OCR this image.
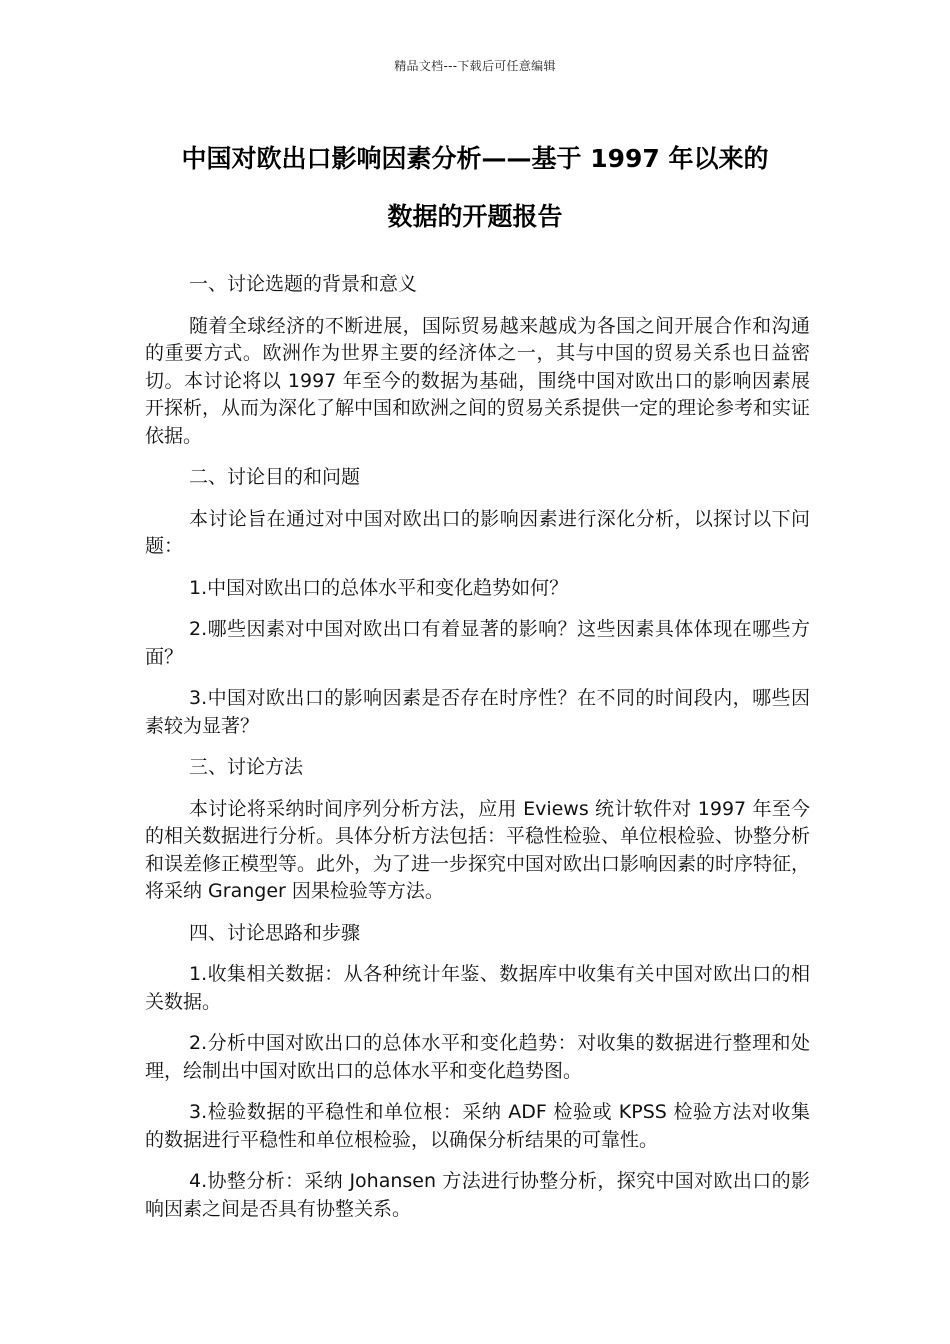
精品文档---下载后可任意编辑
中国对欧出口影响因素分析——基于 1997 年以来的
数据的开题报告
一、讨论选题的背景和意义
随着全球经济的不断进展，国际贸易越来越成为各国之间开展合作和沟通的重要方式。欧洲作为世界主要的经济体之一，其与中国的贸易关系也日益密切。本讨论将以 1997 年至今的数据为基础，围绕中国对欧出口的影响因素展开探析，从而为深化了解中国和欧洲之间的贸易关系提供一定的理论参考和实证依据。
二、讨论目的和问题
本讨论旨在通过对中国对欧出口的影响因素进行深化分析，以探讨以下问题：
1.中国对欧出口的总体水平和变化趋势如何？
2.哪些因素对中国对欧出口有着显著的影响？这些因素具体体现在哪些方面？
3.中国对欧出口的影响因素是否存在时序性？在不同的时间段内，哪些因素较为显著？
三、讨论方法
本讨论将采纳时间序列分析方法，应用 Eviews 统计软件对 1997 年至今的相关数据进行分析。具体分析方法包括：平稳性检验、单位根检验、协整分析和误差修正模型等。此外，为了进一步探究中国对欧出口影响因素的时序特征，将采纳 Granger 因果检验等方法。
四、讨论思路和步骤
1.收集相关数据：从各种统计年鉴、数据库中收集有关中国对欧出口的相关数据。
2.分析中国对欧出口的总体水平和变化趋势：对收集的数据进行整理和处理，绘制出中国对欧出口的总体水平和变化趋势图。
3.检验数据的平稳性和单位根：采纳 ADF 检验或 KPSS 检验方法对收集的数据进行平稳性和单位根检验，以确保分析结果的可靠性。
4.协整分析：采纳 Johansen 方法进行协整分析，探究中国对欧出口的影响因素之间是否具有协整关系。
